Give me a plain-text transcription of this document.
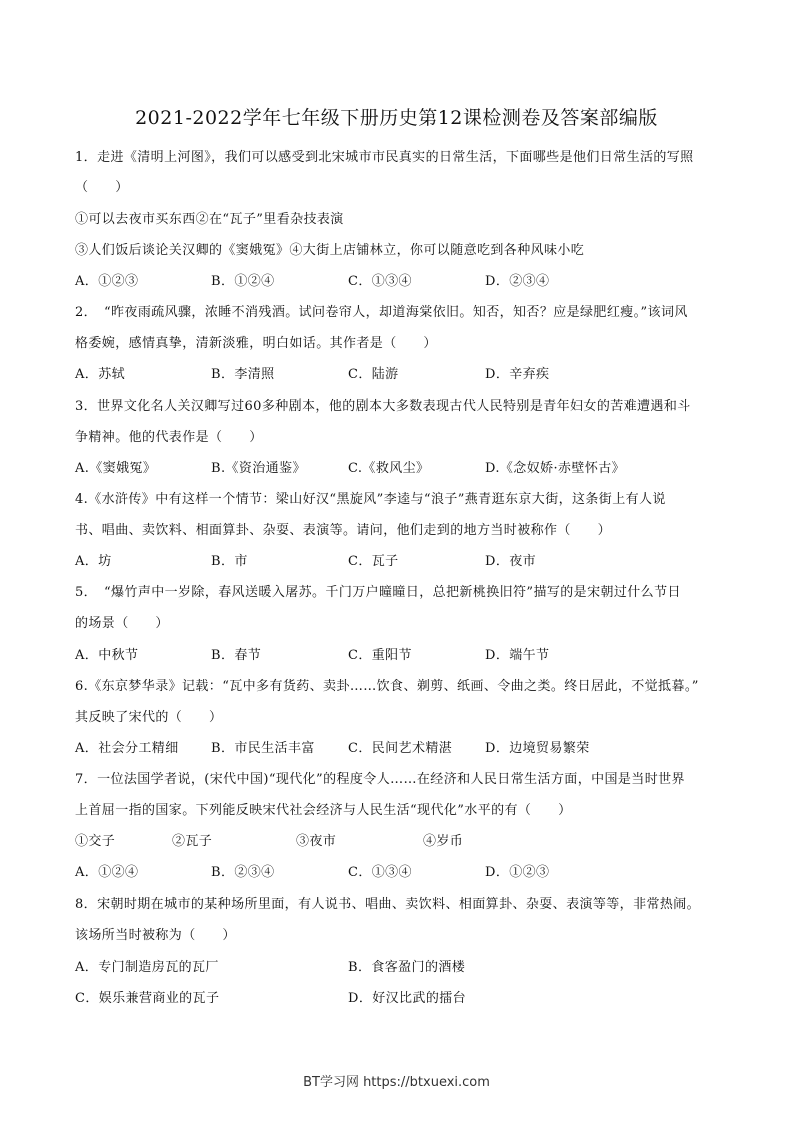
2021-2022学年七年级下册历史第12课检测卷及答案部编版
1．走进《清明上河图》，我们可以感受到北宋城市市民真实的日常生活，下面哪些是他们日常生活的写照
（　　）
①可以去夜市买东西②在“瓦子”里看杂技表演
③人们饭后谈论关汉卿的《窦娥冤》④大街上店铺林立，你可以随意吃到各种风味小吃
A．①②③	B．①②④	C．①③④	D．②③④
2．　“昨夜雨疏风骤，浓睡不消残酒。试问卷帘人，却道海棠依旧。知否，知否？应是绿肥红瘦。”该词风
格委婉，感情真挚，清新淡雅，明白如话。其作者是（　　）
A．苏轼	B．李清照	C．陆游	D．辛弃疾
3．世界文化名人关汉卿写过60多种剧本，他的剧本大多数表现古代人民特别是青年妇女的苦难遭遇和斗
争精神。他的代表作是（　　）
A.《窦娥冤》	B.《资治通鉴》	C.《救风尘》	D.《念奴娇·赤壁怀古》
4.《水浒传》中有这样一个情节：梁山好汉“黑旋风”李逵与“浪子”燕青逛东京大街，这条街上有人说
书、唱曲、卖饮料、相面算卦、杂耍、表演等。请问，他们走到的地方当时被称作（　　）
A．坊	B．市	C．瓦子	D．夜市
5．　“爆竹声中一岁除，春风送暖入屠苏。千门万户曈曈日，总把新桃换旧符”描写的是宋朝过什么节日
的场景（　　）
A．中秋节	B．春节	C．重阳节	D．端午节
6.《东京梦华录》记载：“瓦中多有货药、卖卦……饮食、剃剪、纸画、令曲之类。终日居此，不觉抵暮。”
其反映了宋代的（　　）
A．社会分工精细 B．市民生活丰富	C．民间艺术精湛	D．边境贸易繁荣
7．一位法国学者说，(宋代中国)“现代化”的程度令人……在经济和人民日常生活方面，中国是当时世界
上首屈一指的国家。下列能反映宋代社会经济与人民生活“现代化”水平的有（　　）
①交子	②瓦子	③夜市	④岁币
A．①②④	B．②③④	C．①③④	D．①②③
8．宋朝时期在城市的某种场所里面，有人说书、唱曲、卖饮料、相面算卦、杂耍、表演等等，非常热闹。
该场所当时被称为（　　）
A．专门制造房瓦的瓦厂	B．食客盈门的酒楼
C．娱乐兼营商业的瓦子	D．好汉比武的擂台
BT学习网 https://btxuexi.com
